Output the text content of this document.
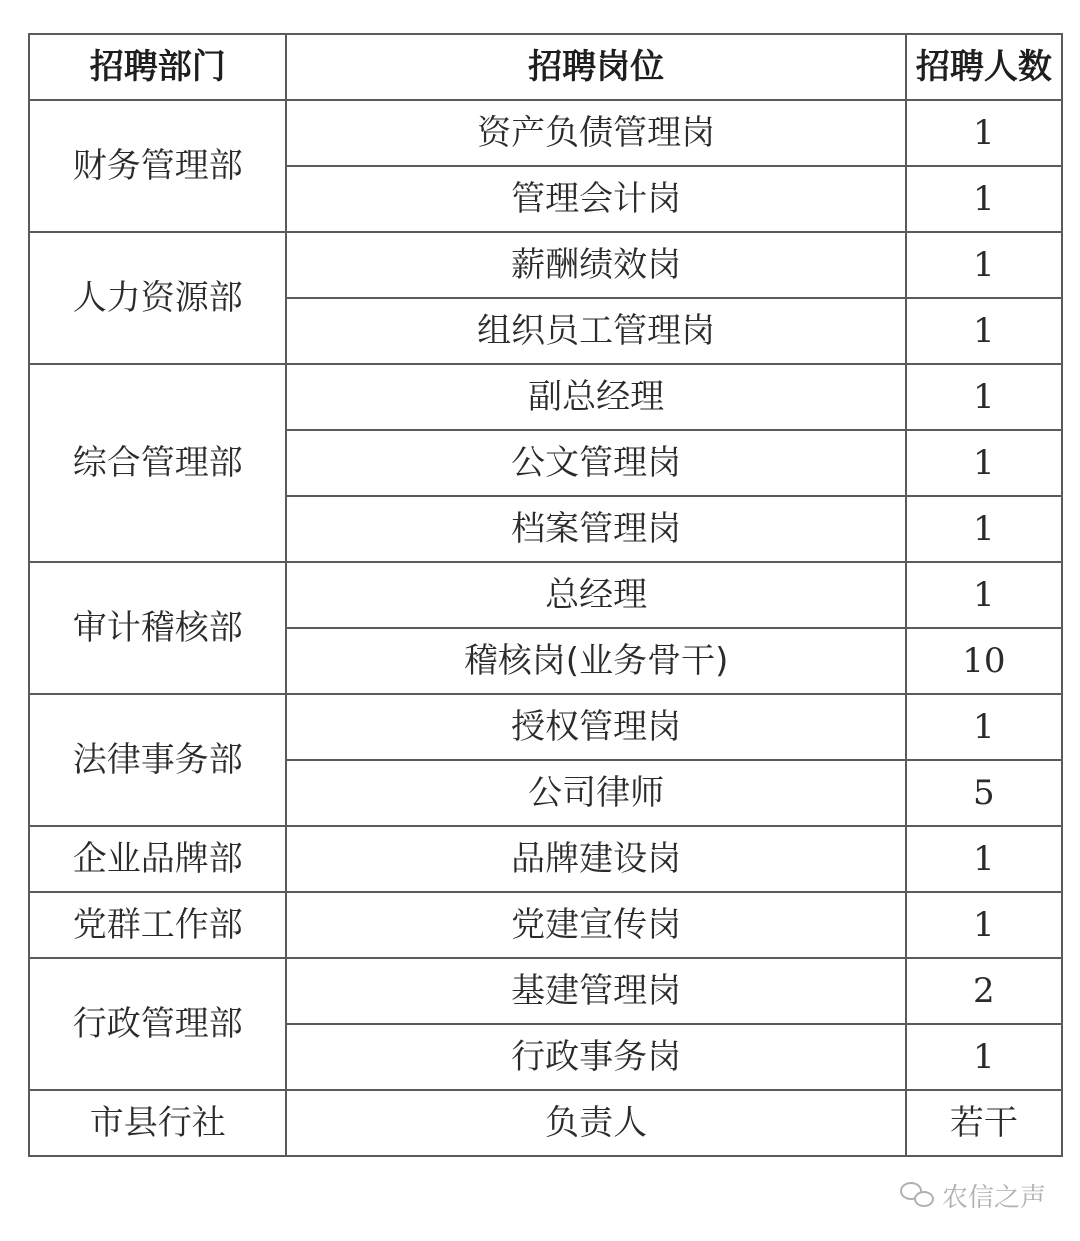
招聘部门	招聘岗位	招聘人数
财务管理部	资产负债管理岗	1
	管理会计岗	1
人力资源部	薪酬绩效岗	1
	组织员工管理岗	1
综合管理部	副总经理	1
	公文管理岗	1
	档案管理岗	1
审计稽核部	总经理	1
	稽核岗(业务骨干)	10
法律事务部	授权管理岗	1
	公司律师	5
企业品牌部	品牌建设岗	1
党群工作部	党建宣传岗	1
行政管理部	基建管理岗	2
	行政事务岗	1
市县行社	负责人	若干
农信之声
